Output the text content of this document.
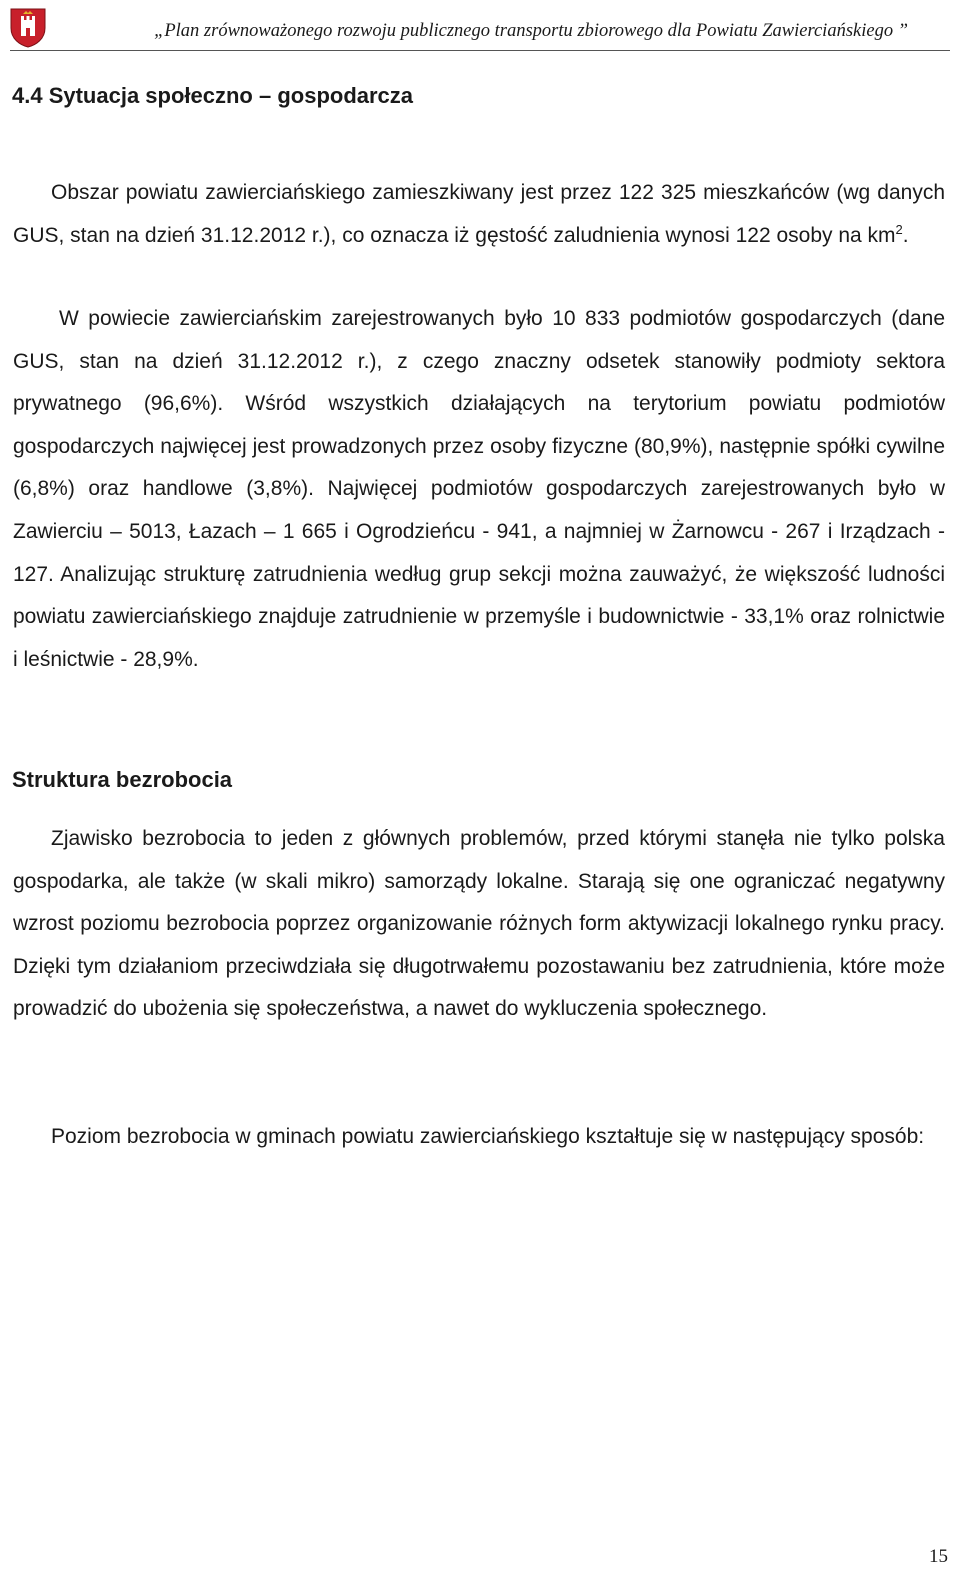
„Plan zrównoważonego rozwoju publicznego transportu zbiorowego dla Powiatu Zawierciańskiego ”
4.4 Sytuacja społeczno – gospodarcza

Obszar powiatu zawierciańskiego zamieszkiwany jest przez 122 325 mieszkańców (wg danych GUS, stan na dzień 31.12.2012 r.), co oznacza iż gęstość zaludnienia wynosi 122 osoby na $km^2$.

W powiecie zawierciańskim zarejestrowanych było 10 833 podmiotów gospodarczych (dane GUS, stan na dzień 31.12.2012 r.), z czego znaczny odsetek stanowiły podmioty sektora prywatnego (96,6%). Wśród wszystkich działających na terytorium powiatu podmiotów gospodarczych najwięcej jest prowadzonych przez osoby fizyczne (80,9%), następnie spółki cywilne (6,8%) oraz handlowe (3,8%). Najwięcej podmiotów gospodarczych zarejestrowanych było w Zawierciu – 5013, Łazach – 1 665 i Ogrodzieńcu - 941, a najmniej w Żarnowcu - 267 i Irządzach - 127. Analizując strukturę zatrudnienia według grup sekcji można zauważyć, że większość ludności powiatu zawierciańskiego znajduje zatrudnienie w przemyśle i budownictwie - 33,1% oraz rolnictwie i leśnictwie - 28,9%.

Struktura bezrobocia

Zjawisko bezrobocia to jeden z głównych problemów, przed którymi stanęła nie tylko polska gospodarka, ale także (w skali mikro) samorządy lokalne. Starają się one ograniczać negatywny wzrost poziomu bezrobocia poprzez organizowanie różnych form aktywizacji lokalnego rynku pracy. Dzięki tym działaniom przeciwdziała się długotrwałemu pozostawaniu bez zatrudnienia, które może prowadzić do ubożenia się społeczeństwa, a nawet do wykluczenia społecznego.

Poziom bezrobocia w gminach powiatu zawierciańskiego kształtuje się w następujący sposób:

15
